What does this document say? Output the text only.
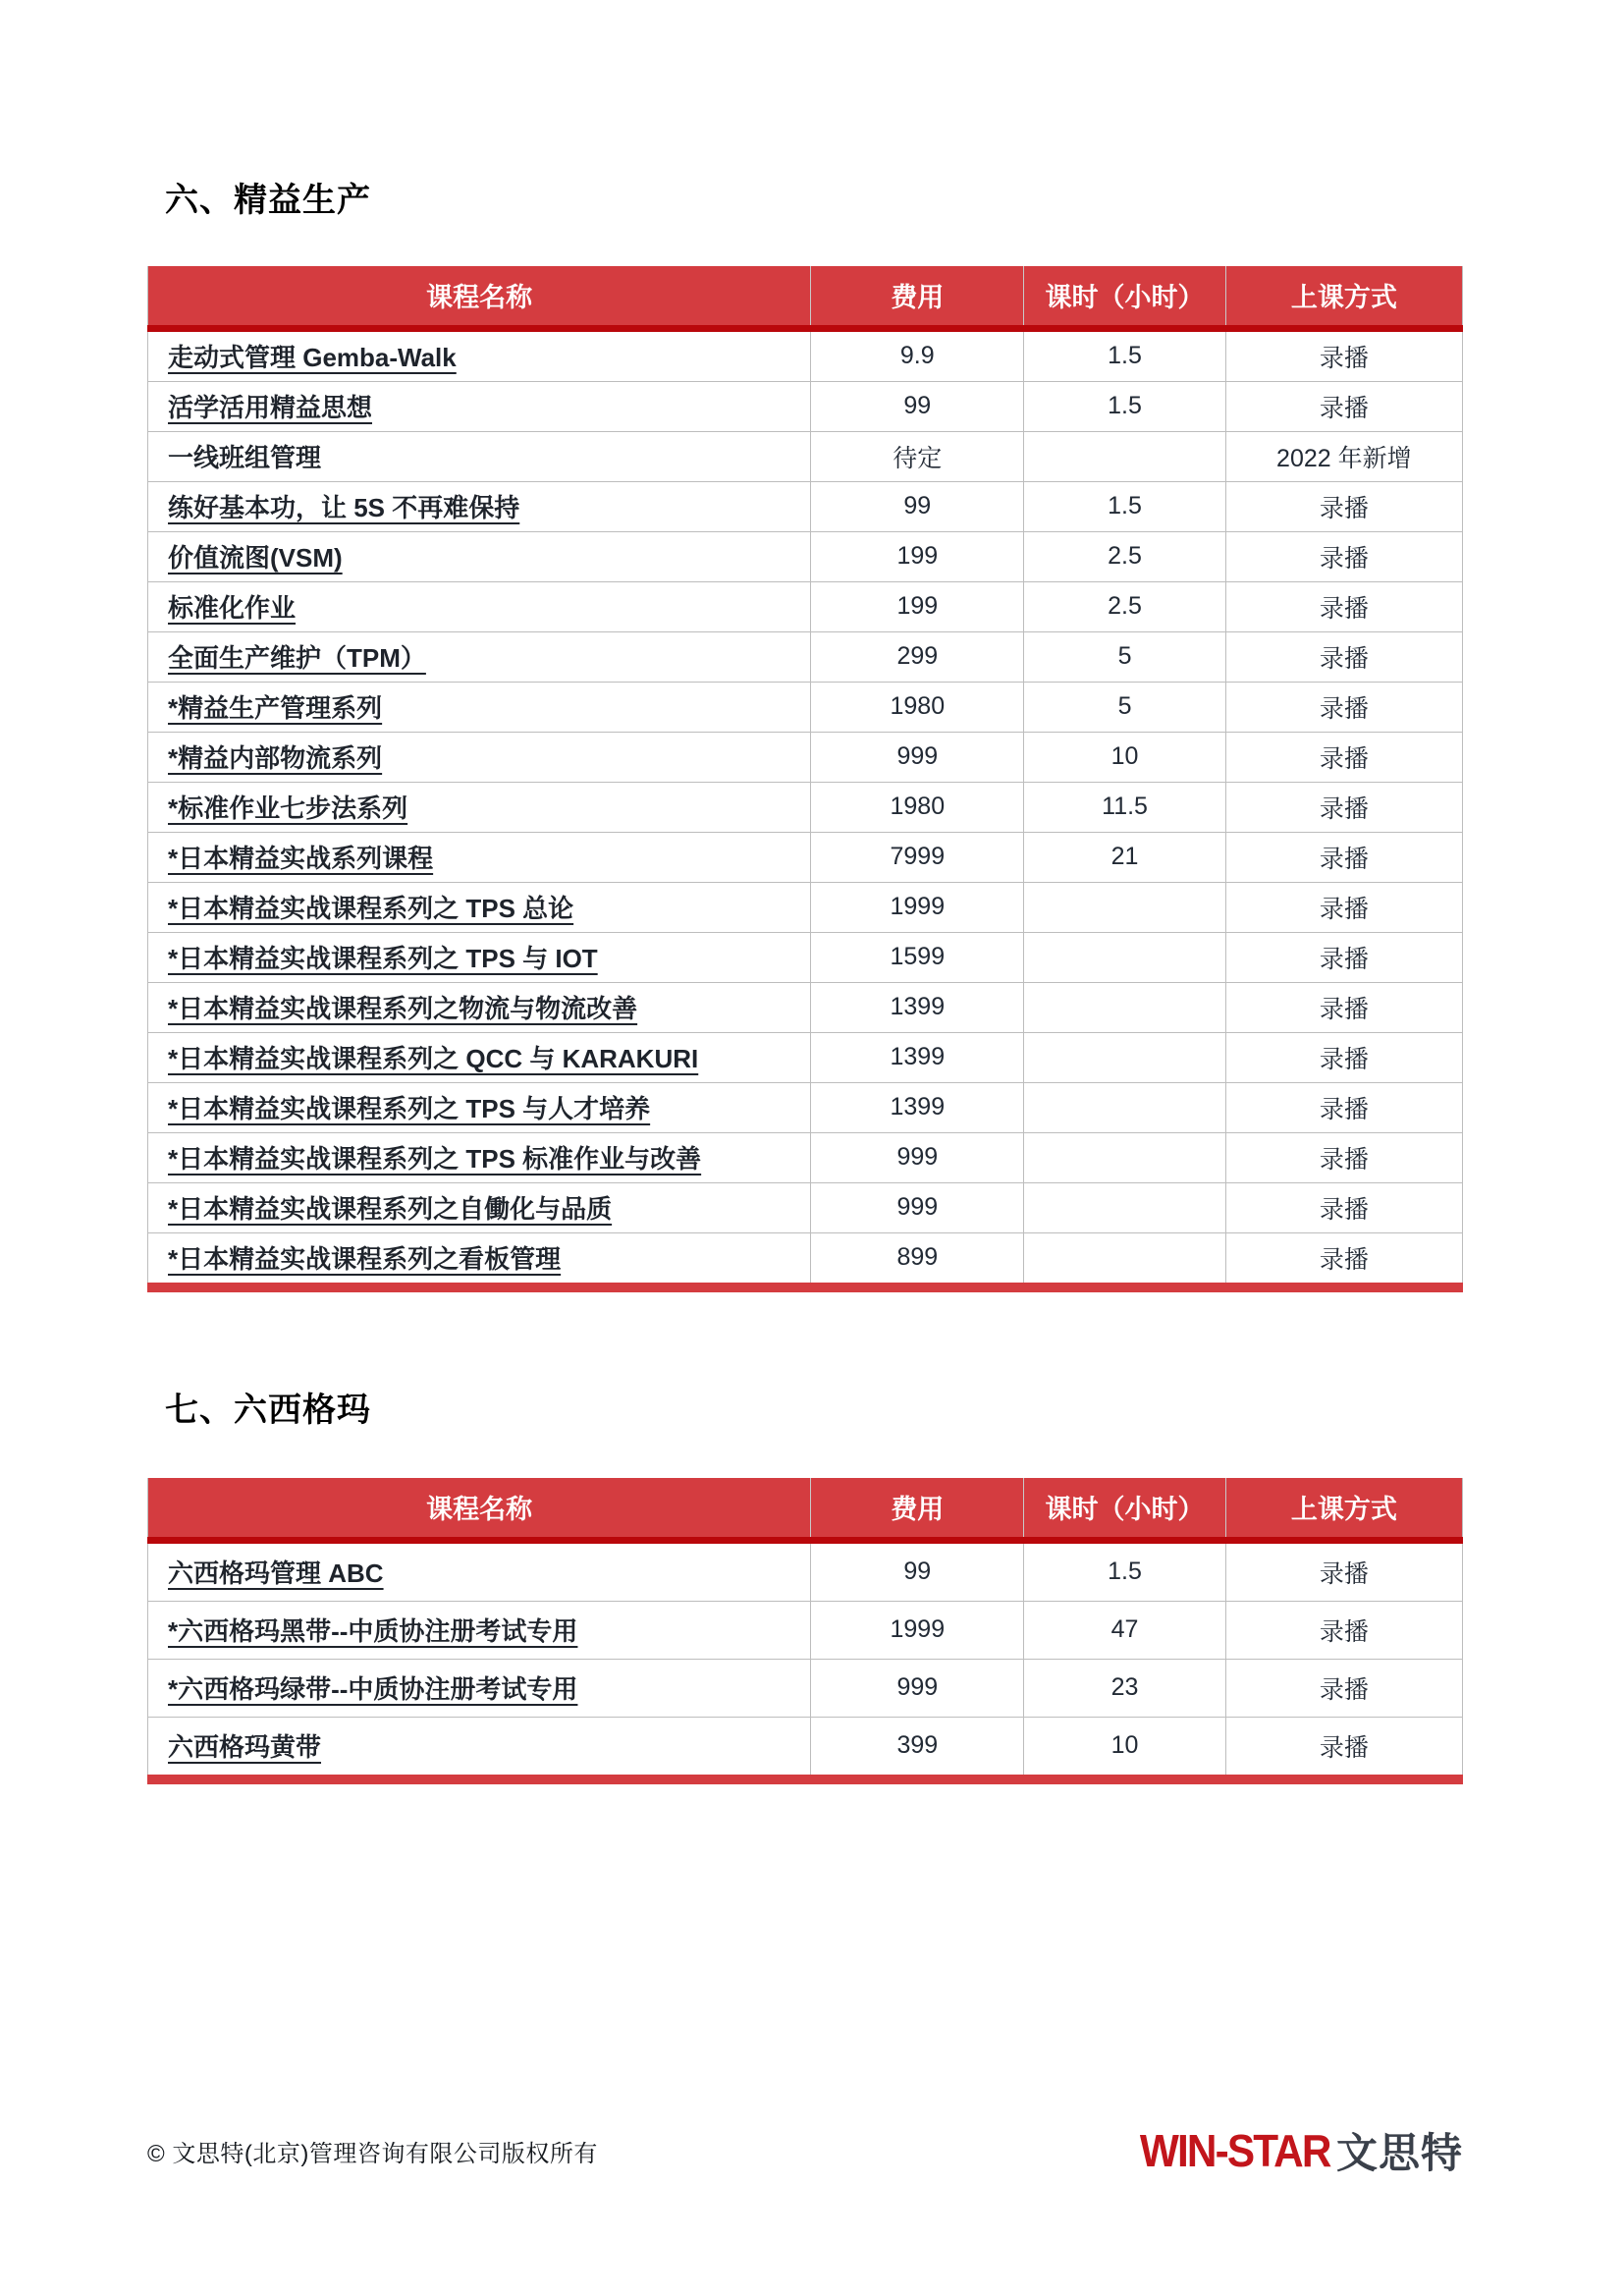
六、精益生产
课程名称	费用	课时（小时）	上课方式
走动式管理 Gemba-Walk	9.9	1.5	录播
活学活用精益思想	99	1.5	录播
一线班组管理	待定		2022 年新增
练好基本功，让 5S 不再难保持	99	1.5	录播
价值流图(VSM)	199	2.5	录播
标准化作业	199	2.5	录播
全面生产维护（TPM）	299	5	录播
*精益生产管理系列	1980	5	录播
*精益内部物流系列	999	10	录播
*标准作业七步法系列	1980	11.5	录播
*日本精益实战系列课程	7999	21	录播
*日本精益实战课程系列之 TPS 总论	1999		录播
*日本精益实战课程系列之 TPS 与 IOT	1599		录播
*日本精益实战课程系列之物流与物流改善	1399		录播
*日本精益实战课程系列之 QCC 与 KARAKURI	1399		录播
*日本精益实战课程系列之 TPS 与人才培养	1399		录播
*日本精益实战课程系列之 TPS 标准作业与改善	999		录播
*日本精益实战课程系列之自働化与品质	999		录播
*日本精益实战课程系列之看板管理	899		录播
七、六西格玛
课程名称	费用	课时（小时）	上课方式
六西格玛管理 ABC	99	1.5	录播
*六西格玛黑带--中质协注册考试专用	1999	47	录播
*六西格玛绿带--中质协注册考试专用	999	23	录播
六西格玛黄带	399	10	录播
© 文思特(北京)管理咨询有限公司版权所有	WIN-STAR 文思特
